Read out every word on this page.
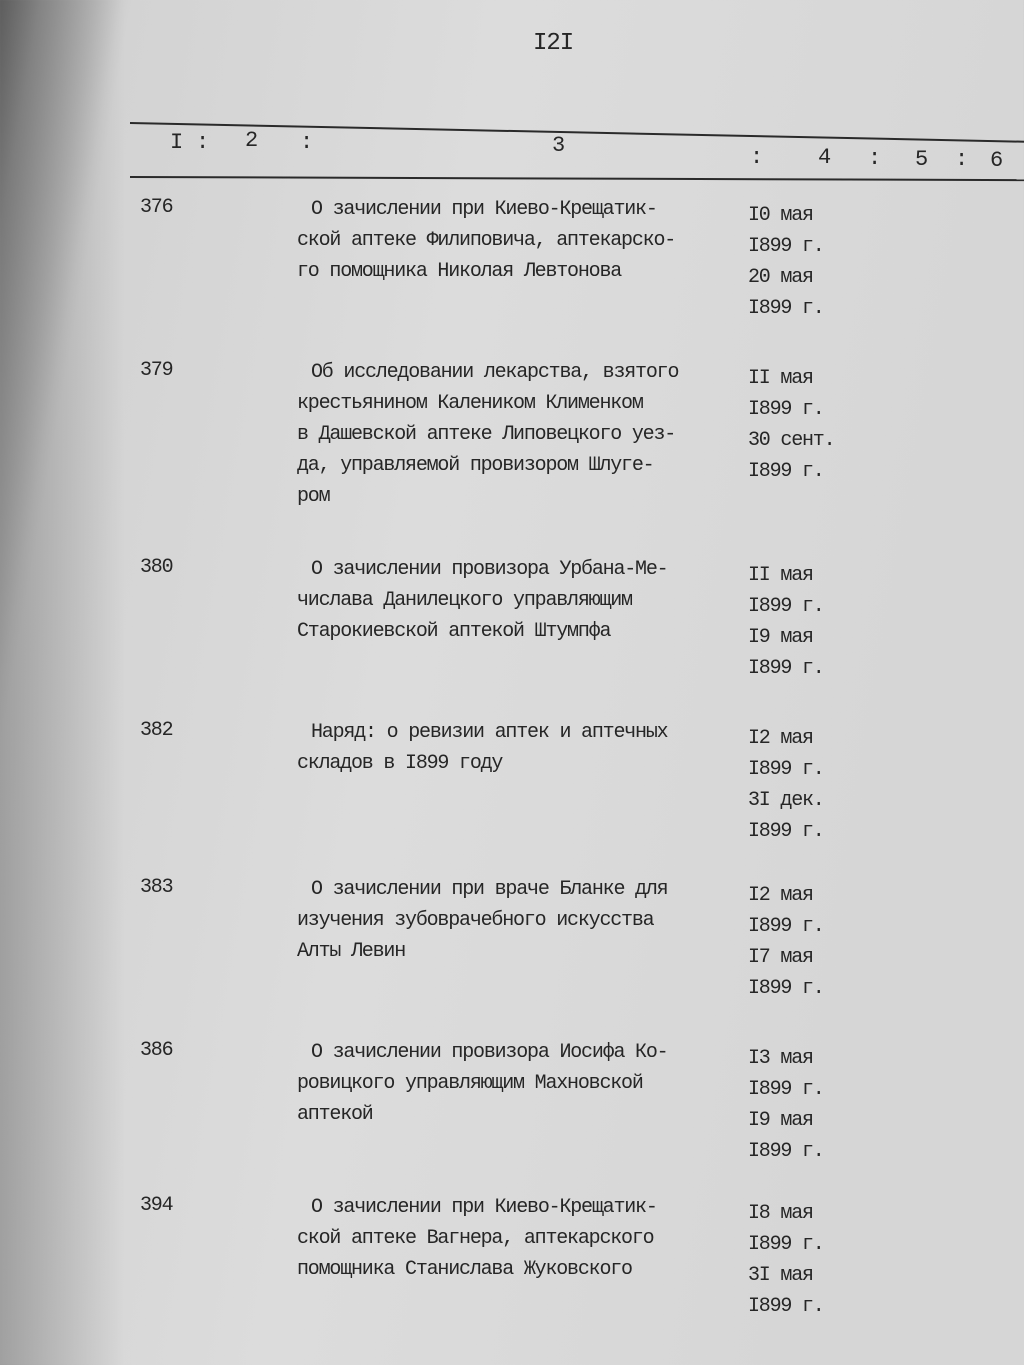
I2I
I : 2 :	3	: 4 : 5 : 6
376	О зачислении при Киево-Крещатик-
ской аптеке Филиповича, аптекарско-
го помощника Николая Левтонова
I0 мая
I899 г.
20 мая
I899 г.
379	Об исследовании лекарства, взятого
крестьянином Калеником Клименком
в Дашевской аптеке Липовецкого уез-
да, управляемой провизором Шлуге-
ром
II мая
I899 г.
30 сент.
I899 г.
380	О зачислении провизора Урбана-Ме-
числава Данилецкого управляющим
Старокиевской аптекой Штумпфа
II мая
I899 г.
I9 мая
I899 г.
382	Наряд: о ревизии аптек и аптечных
складов в I899 году
I2 мая
I899 г.
3I дек.
I899 г.
383	О зачислении при враче Бланке для
изучения зубоврачебного искусства
Алты Левин
I2 мая
I899 г.
I7 мая
I899 г.
386	О зачислении провизора Иосифа Ко-
ровицкого управляющим Махновской
аптекой
I3 мая
I899 г.
I9 мая
I899 г.
394	О зачислении при Киево-Крещатик-
ской аптеке Вагнера, аптекарского
помощника Станислава Жуковского
I8 мая
I899 г.
3I мая
I899 г.
